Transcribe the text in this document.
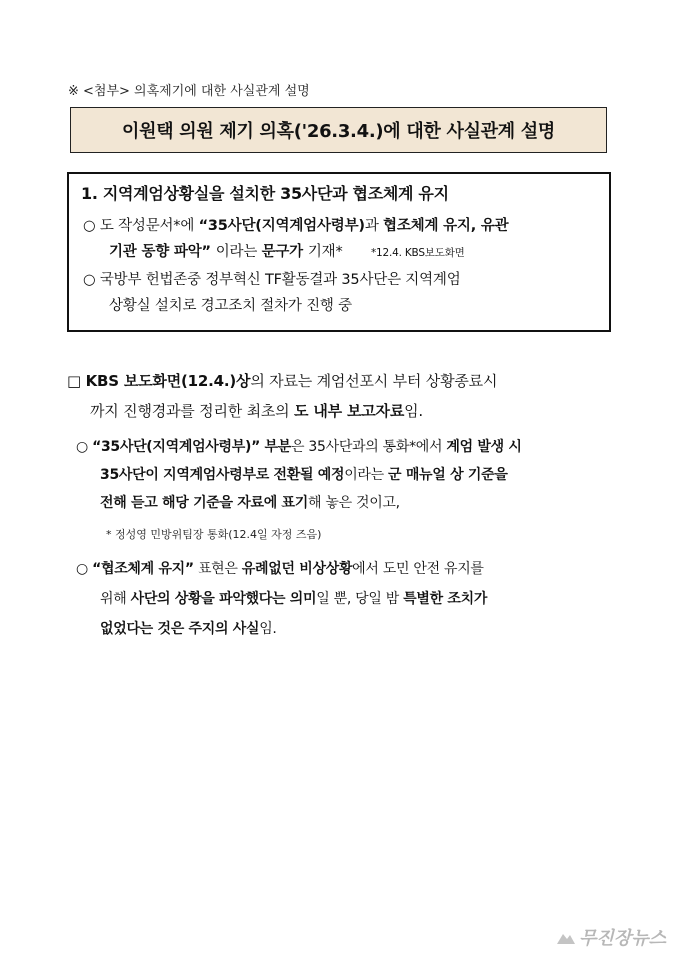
※ <첨부> 의혹제기에 대한 사실관계 설명
이원택 의원 제기 의혹('26.3.4.)에 대한 사실관계 설명
1. 지역계엄상황실을 설치한 35사단과 협조체계 유지
○ 도 작성문서*에 “35사단(지역계엄사령부)과 협조체계 유지, 유관
기관 동향 파악” 이라는 문구가 기재*	*12.4. KBS보도화면
○ 국방부 헌법존중 정부혁신 TF활동결과 35사단은 지역계엄
상황실 설치로 경고조치 절차가 진행 중
□ KBS 보도화면(12.4.)상의 자료는 계엄선포시 부터 상황종료시
까지 진행경과를 정리한 최초의 도 내부 보고자료임.
○ “35사단(지역계엄사령부)” 부분은 35사단과의 통화*에서 계엄 발생 시
35사단이 지역계엄사령부로 전환될 예정이라는 군 매뉴얼 상 기준을
전해 듣고 해당 기준을 자료에 표기해 놓은 것이고,
* 정성영 민방위팀장 통화(12.4일 자정 즈음)
○ “협조체계 유지” 표현은 유례없던 비상상황에서 도민 안전 유지를
위해 사단의 상황을 파악했다는 의미일 뿐, 당일 밤 특별한 조치가
없었다는 것은 주지의 사실임.
무진장뉴스
